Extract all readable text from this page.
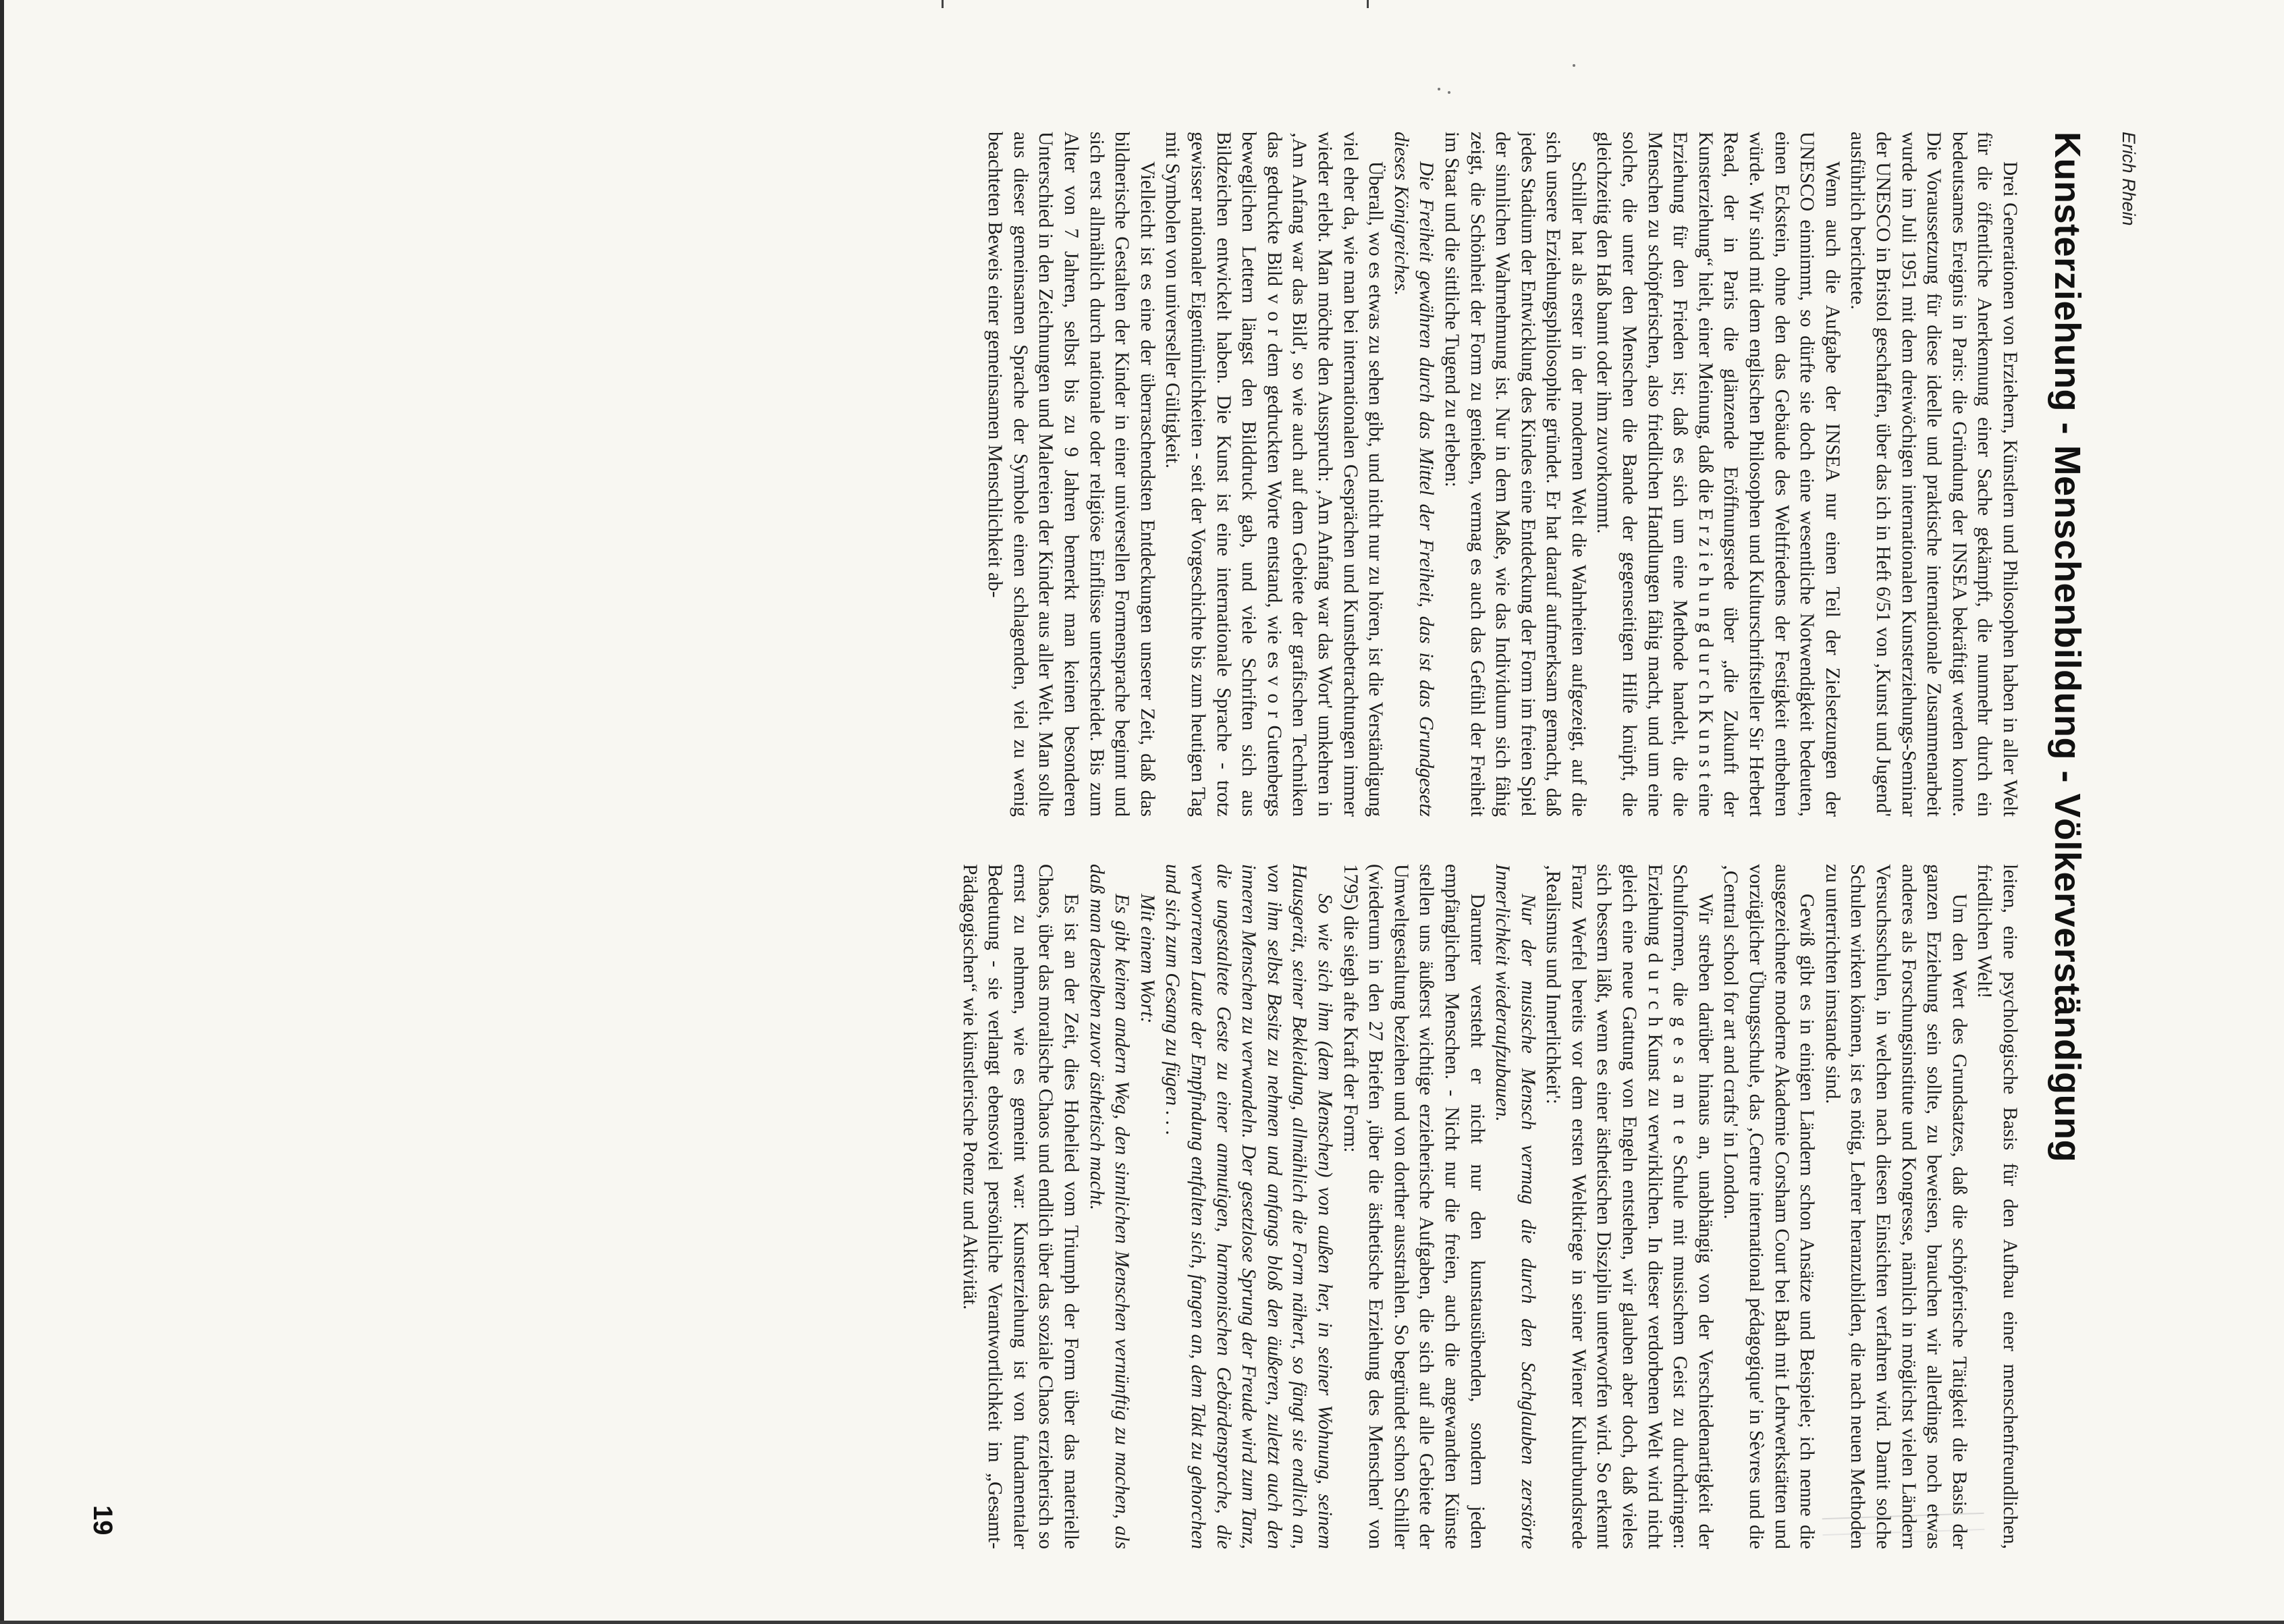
Erich Rhein
Kunsterziehung - Menschenbildung - Völkerverständigung

Drei Generationen von Erziehern, Künstlern und Philosophen haben in aller Welt für die öffentliche Anerkennung einer Sache gekämpft, die nunmehr durch ein bedeutsames Ereignis in Paris: die Gründung der INSEA bekräftigt werden konnte. Die Voraussetzung für diese ideelle und praktische internationale Zusammenarbeit wurde im Juli 1951 mit dem dreiwöchigen internationalen Kunsterziehungs-Seminar der UNESCO in Bristol geschaffen, über das ich in Heft 6/51 von ‚Kunst und Jugend' ausführlich berichtete.

Wenn auch die Aufgabe der INSEA nur einen Teil der Zielsetzungen der UNESCO einnimmt, so dürfte sie doch eine wesentliche Notwendigkeit bedeuten, einen Eckstein, ohne den das Gebäude des Weltfriedens der Festigkeit entbehren würde. Wir sind mit dem englischen Philosophen und Kulturschriftsteller Sir Herbert Read, der in Paris die glänzende Eröffnungsrede über „die Zukunft der Kunsterziehung“ hielt, einer Meinung, daß die E r z i e h u n g d u r c h K u n s t eine Erziehung für den Frieden ist; daß es sich um eine Methode handelt, die die Menschen zu schöpferischen, also friedlichen Handlungen fähig macht, und um eine solche, die unter den Menschen die Bande der gegenseitigen Hilfe knüpft, die gleichzeitig den Haß bannt oder ihm zuvorkommt.

Schiller hat als erster in der modernen Welt die Wahrheiten aufgezeigt, auf die sich unsere Erziehungsphilosophie gründet. Er hat darauf aufmerksam gemacht, daß jedes Stadium der Entwicklung des Kindes eine Entdeckung der Form im freien Spiel der sinnlichen Wahrnehmung ist. Nur in dem Maße, wie das Individuum sich fähig zeigt, die Schönheit der Form zu genießen, vermag es auch das Gefühl der Freiheit im Staat und die sittliche Tugend zu erleben:

Die Freiheit gewähren durch das Mittel der Freiheit, das ist das Grundgesetz dieses Königreiches.

Überall, wo es etwas zu sehen gibt, und nicht nur zu hören, ist die Verständigung viel eher da, wie man bei internationalen Gesprächen und Kunstbetrachtungen immer wieder erlebt. Man möchte den Ausspruch: ‚Am Anfang war das Wort' umkehren in ‚Am Anfang war das Bild', so wie auch auf dem Gebiete der grafischen Techniken das gedruckte Bild v o r dem gedruckten Worte entstand, wie es v o r Gutenbergs beweglichen Lettern längst den Bilddruck gab, und viele Schriften sich aus Bildzeichen entwickelt haben. Die Kunst ist eine internationale Sprache - trotz gewisser nationaler Eigentümlichkeiten - seit der Vorgeschichte bis zum heutigen Tag mit Symbolen von universeller Gültigkeit.

Vielleicht ist es eine der überraschendsten Entdeckungen unserer Zeit, daß das bildnerische Gestalten der Kinder in einer universellen Formensprache beginnt und sich erst allmählich durch nationale oder religiöse Einflüsse unterscheidet. Bis zum Alter von 7 Jahren, selbst bis zu 9 Jahren bemerkt man keinen besonderen Unterschied in den Zeichnungen und Malereien der Kinder aus aller Welt. Man sollte aus dieser gemeinsamen Sprache der Symbole einen schlagenden, viel zu wenig beachteten Beweis einer gemeinsamen Menschlichkeit ab-

leiten, eine psychologische Basis für den Aufbau einer menschenfreundlichen, friedlichen Welt!

Um den Wert des Grundsatzes, daß die schöpferische Tätigkeit die Basis der ganzen Erziehung sein sollte, zu beweisen, brauchen wir allerdings noch etwas anderes als Forschungsinstitute und Kongresse, nämlich in möglichst vielen Ländern Versuchsschulen, in welchen nach diesen Einsichten verfahren wird. Damit solche Schulen wirken können, ist es nötig, Lehrer heranzubilden, die nach neuen Methoden zu unterrichten imstande sind.

Gewiß gibt es in einigen Ländern schon Ansätze und Beispiele; ich nenne die ausgezeichnete moderne Akademie Corsham Court bei Bath mit Lehrwerkstätten und vorzüglicher Übungsschule, das ‚Centre international pédagogique' in Sèvres und die ‚Central school for art and crafts' in London.

Wir streben darüber hinaus an, unabhängig von der Verschiedenartigkeit der Schulformen, die g e s a m t e Schule mit musischem Geist zu durchdringen: Erziehung d u r c h Kunst zu verwirklichen. In dieser verdorbenen Welt wird nicht gleich eine neue Gattung von Engeln entstehen, wir glauben aber doch, daß vieles sich bessern läßt, wenn es einer ästhetischen Disziplin unterworfen wird. So erkennt Franz Werfel bereits vor dem ersten Weltkriege in seiner Wiener Kulturbundsrede ‚Realismus und Innerlichkeit':

Nur der musische Mensch vermag die durch den Sachglauben zerstörte Innerlichkeit wiederaufzubauen.

Darunter versteht er nicht nur den kunstausübenden, sondern jeden empfänglichen Menschen. - Nicht nur die freien, auch die angewandten Künste stellen uns äußerst wichtige erzieherische Aufgaben, die sich auf alle Gebiete der Umweltgestaltung beziehen und von dorther ausstrahlen. So begründet schon Schiller (wiederum in den 27 Briefen ‚über die ästhetische Erziehung des Menschen' von 1795) die siegh afte Kraft der Form:

So wie sich ihm (dem Menschen) von außen her, in seiner Wohnung, seinem Hausgerät, seiner Bekleidung, allmählich die Form nähert, so fängt sie endlich an, von ihm selbst Besitz zu nehmen und anfangs bloß den äußeren, zuletzt auch den inneren Menschen zu verwandeln. Der gesetzlose Sprung der Freude wird zum Tanz, die ungestaltete Geste zu einer anmutigen, harmonischen Gebärdensprache, die verworrenen Laute der Empfindung entfalten sich, fangen an, dem Takt zu gehorchen und sich zum Gesang zu fügen . . .

Mit einem Wort:

Es gibt keinen andern Weg, den sinnlichen Menschen vernünftig zu machen, als daß man denselben zuvor ästhetisch macht.

Es ist an der Zeit, dies Hohelied vom Triumph der Form über das materielle Chaos, über das moralische Chaos und endlich über das soziale Chaos erzieherisch so ernst zu nehmen, wie es gemeint war: Kunsterziehung ist von fundamentaler Bedeutung - sie verlangt ebensoviel persönliche Verantwortlichkeit im „Gesamt-Pädagogischen“ wie künstlerische Potenz und Aktivität.

19
